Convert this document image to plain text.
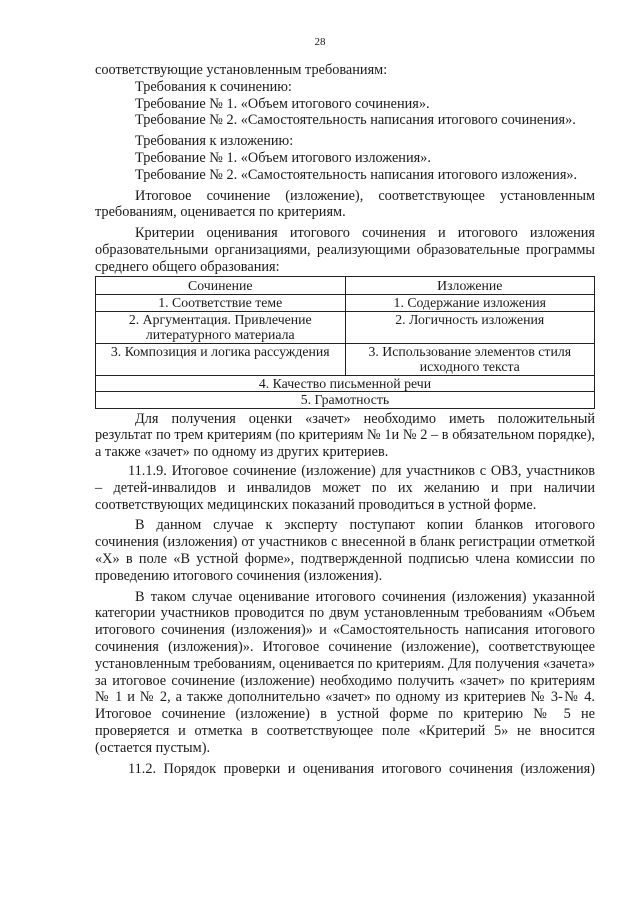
28

соответствующие установленным требованиям:

Требования к сочинению:

Требование № 1. «Объем итогового сочинения».

Требование № 2. «Самостоятельность написания итогового сочинения».

Требования к изложению:

Требование № 1. «Объем итогового изложения».

Требование № 2. «Самостоятельность написания итогового изложения».

Итоговое сочинение (изложение), соответствующее установленным требованиям, оценивается по критериям.

Критерии оценивания итогового сочинения и итогового изложения образовательными организациями, реализующими образовательные программы среднего общего образования:

Сочинение	Изложение
1. Соответствие теме	1. Содержание изложения
2. Аргументация. Привлечение литературного материала	2. Логичность изложения
3. Композиция и логика рассуждения	3. Использование элементов стиля исходного текста
4. Качество письменной речи	
5. Грамотность	

Для получения оценки «зачет» необходимо иметь положительный результат по трем критериям (по критериям № 1и № 2 – в обязательном порядке), а также «зачет» по одному из других критериев.

11.1.9. Итоговое сочинение (изложение) для участников с ОВЗ, участников – детей-инвалидов и инвалидов может по их желанию и при наличии соответствующих медицинских показаний проводиться в устной форме.

В данном случае к эксперту поступают копии бланков итогового сочинения (изложения) от участников с внесенной в бланк регистрации отметкой «Х» в поле «В устной форме», подтвержденной подписью члена комиссии по проведению итогового сочинения (изложения).

В таком случае оценивание итогового сочинения (изложения) указанной категории участников проводится по двум установленным требованиям «Объем итогового сочинения (изложения)» и «Самостоятельность написания итогового сочинения (изложения)». Итоговое сочинение (изложение), соответствующее установленным требованиям, оценивается по критериям. Для получения «зачета» за итоговое сочинение (изложение) необходимо получить «зачет» по критериям № 1 и № 2, а также дополнительно «зачет» по одному из критериев № 3-№ 4. Итоговое сочинение (изложение) в устной форме по критерию № 5 не проверяется и отметка в соответствующее поле «Критерий 5» не вносится (остается пустым).

11.2. Порядок проверки и оценивания итогового сочинения (изложения)
